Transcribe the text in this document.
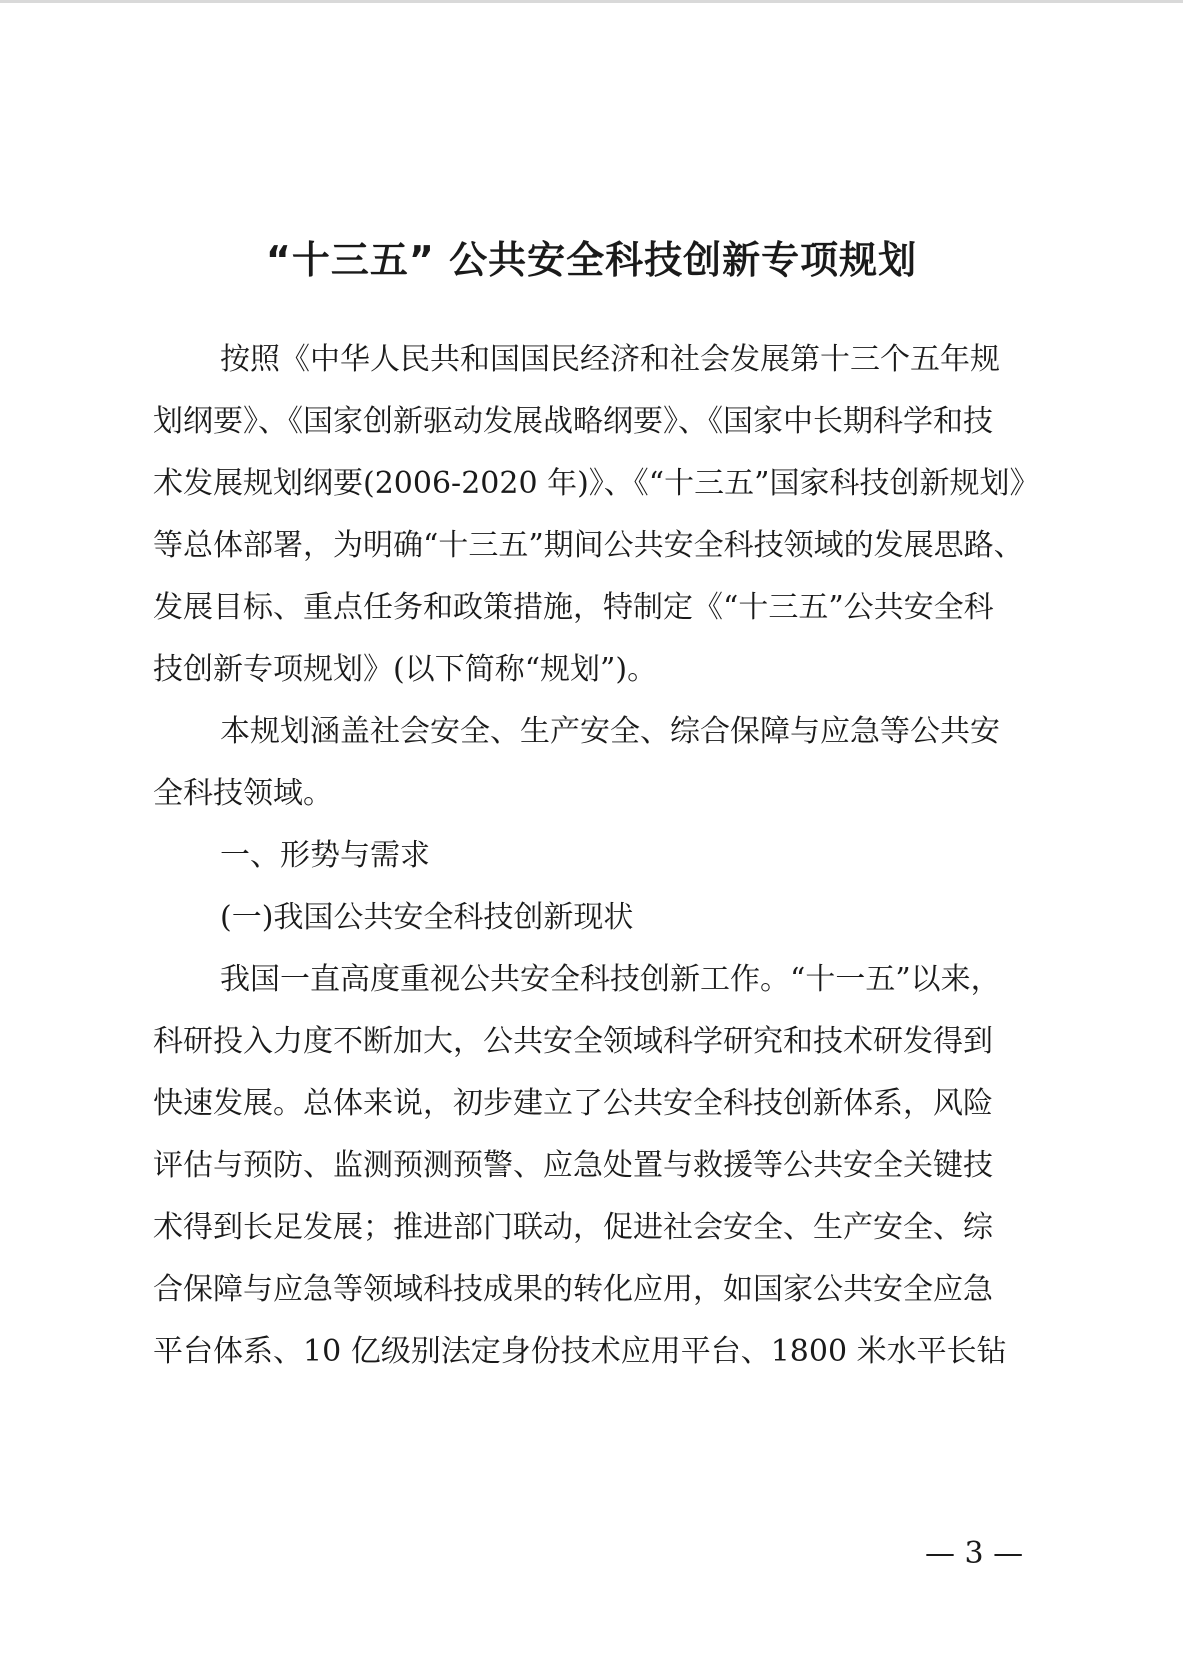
“十三五” 公共安全科技创新专项规划

按照《中华人民共和国国民经济和社会发展第十三个五年规

划纲要》、《国家创新驱动发展战略纲要》、《国家中长期科学和技

术发展规划纲要(2006-2020 年)》、《“十三五”国家科技创新规划》

等总体部署，为明确“十三五”期间公共安全科技领域的发展思路、

发展目标、重点任务和政策措施，特制定《“十三五”公共安全科

技创新专项规划》(以下简称“规划”)。

本规划涵盖社会安全、生产安全、综合保障与应急等公共安

全科技领域。

一、形势与需求

(一)我国公共安全科技创新现状

我国一直高度重视公共安全科技创新工作。“十一五”以来，

科研投入力度不断加大，公共安全领域科学研究和技术研发得到

快速发展。总体来说，初步建立了公共安全科技创新体系，风险

评估与预防、监测预测预警、应急处置与救援等公共安全关键技

术得到长足发展；推进部门联动，促进社会安全、生产安全、综

合保障与应急等领域科技成果的转化应用，如国家公共安全应急

平台体系、10 亿级别法定身份技术应用平台、1800 米水平长钻

— 3 —
